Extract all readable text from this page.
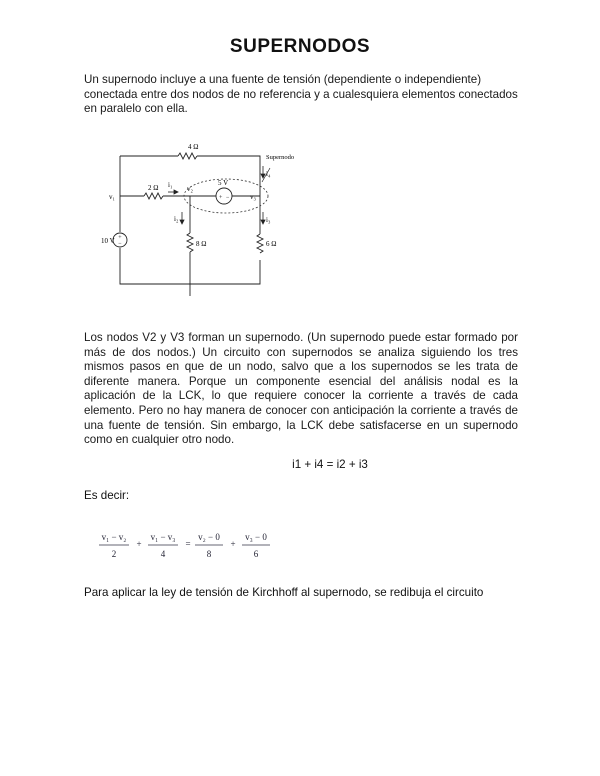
SUPERNODOS
Un supernodo incluye a una fuente de tensión (dependiente o independiente) conectada entre dos nodos de no referencia y a cualesquiera elementos conectados en paralelo con ella.
+
−
+ −
4 Ω
2 Ω
8 Ω	6 Ω
10 V
5 V
Supernodo
v₁
v₂
v₃
i₁
i₂	i₃
i₄
Los nodos V2 y V3 forman un supernodo. (Un supernodo puede estar formado por más de dos nodos.) Un circuito con supernodos se analiza siguiendo los tres mismos pasos en que de un nodo, salvo que a los supernodos se les trata de diferente manera. Porque un componente esencial del análisis nodal es la aplicación de la LCK, lo que requiere conocer la corriente a través de cada elemento. Pero no hay manera de conocer con anticipación la corriente a través de una fuente de tensión. Sin embargo, la LCK debe satisfacerse en un supernodo como en cualquier otro nodo.
i1 + i4 = i2 + i3
Es decir:
v₁ − v₂
2
+
v₁ − v₃
4
=
v₂ − 0
8
+
v₃ − 0
6
Para aplicar la ley de tensión de Kirchhoff al supernodo, se redibuja el circuito
